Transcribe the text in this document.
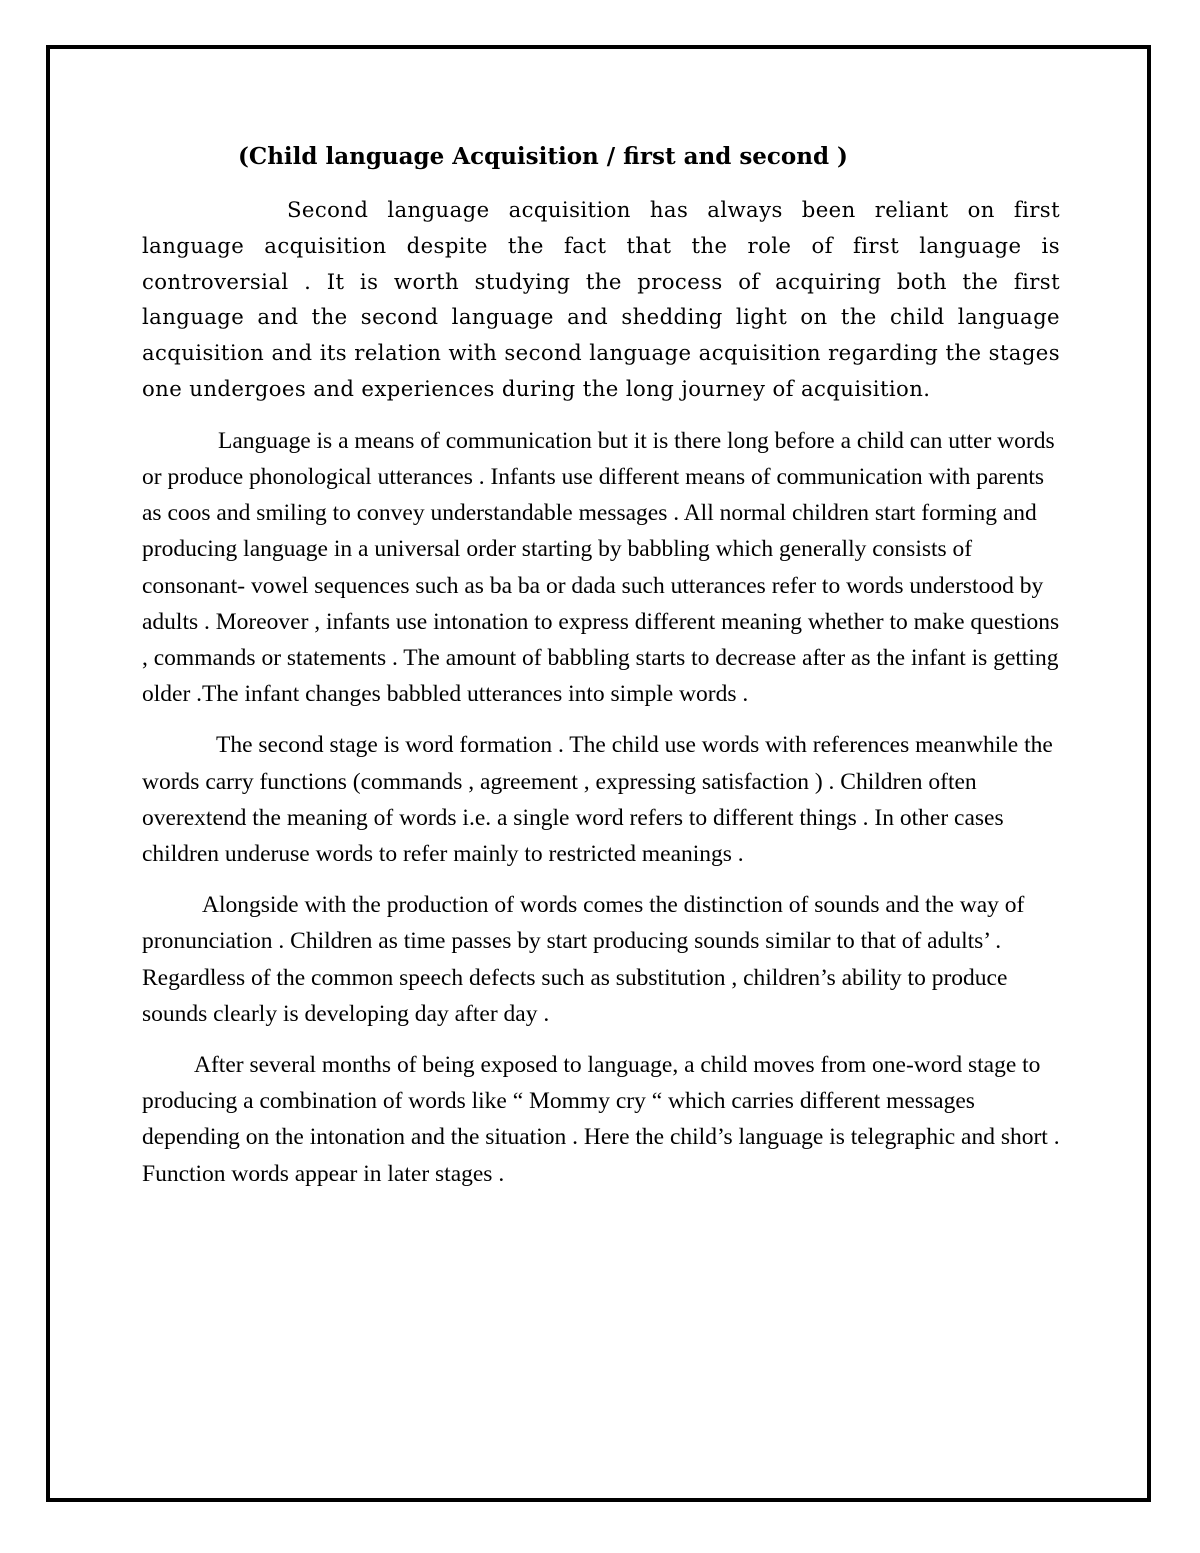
(Child language Acquisition / first and second )

Second language acquisition has always been reliant on first language acquisition despite the fact that the role of first language is controversial . It is worth studying the process of acquiring both the first language and the second language and shedding light on the child language acquisition and its relation with second language acquisition regarding the stages one undergoes and experiences during the long journey of acquisition.

Language is a means of communication but it is there long before a child can utter words or produce phonological utterances . Infants use different means of communication with parents as coos and smiling to convey understandable messages . All normal children start forming and producing language in a universal order starting by babbling which generally consists of consonant- vowel sequences such as ba ba or dada such utterances refer to words understood by adults . Moreover , infants use intonation to express different meaning whether to make questions , commands or statements . The amount of babbling starts to decrease after as the infant is getting older .The infant changes babbled utterances into simple words .

The second stage is word formation . The child use words with references meanwhile the words carry functions (commands , agreement , expressing satisfaction ) . Children often overextend the meaning of words i.e. a single word refers to different things . In other cases children underuse words to refer mainly to restricted meanings .

Alongside with the production of words comes the distinction of sounds and the way of pronunciation . Children as time passes by start producing sounds similar to that of adults’ . Regardless of the common speech defects such as substitution , children’s ability to produce sounds clearly is developing day after day .

After several months of being exposed to language, a child moves from one-word stage to producing a combination of words like “ Mommy cry “ which carries different messages depending on the intonation and the situation . Here the child’s language is telegraphic and short . Function words appear in later stages .
